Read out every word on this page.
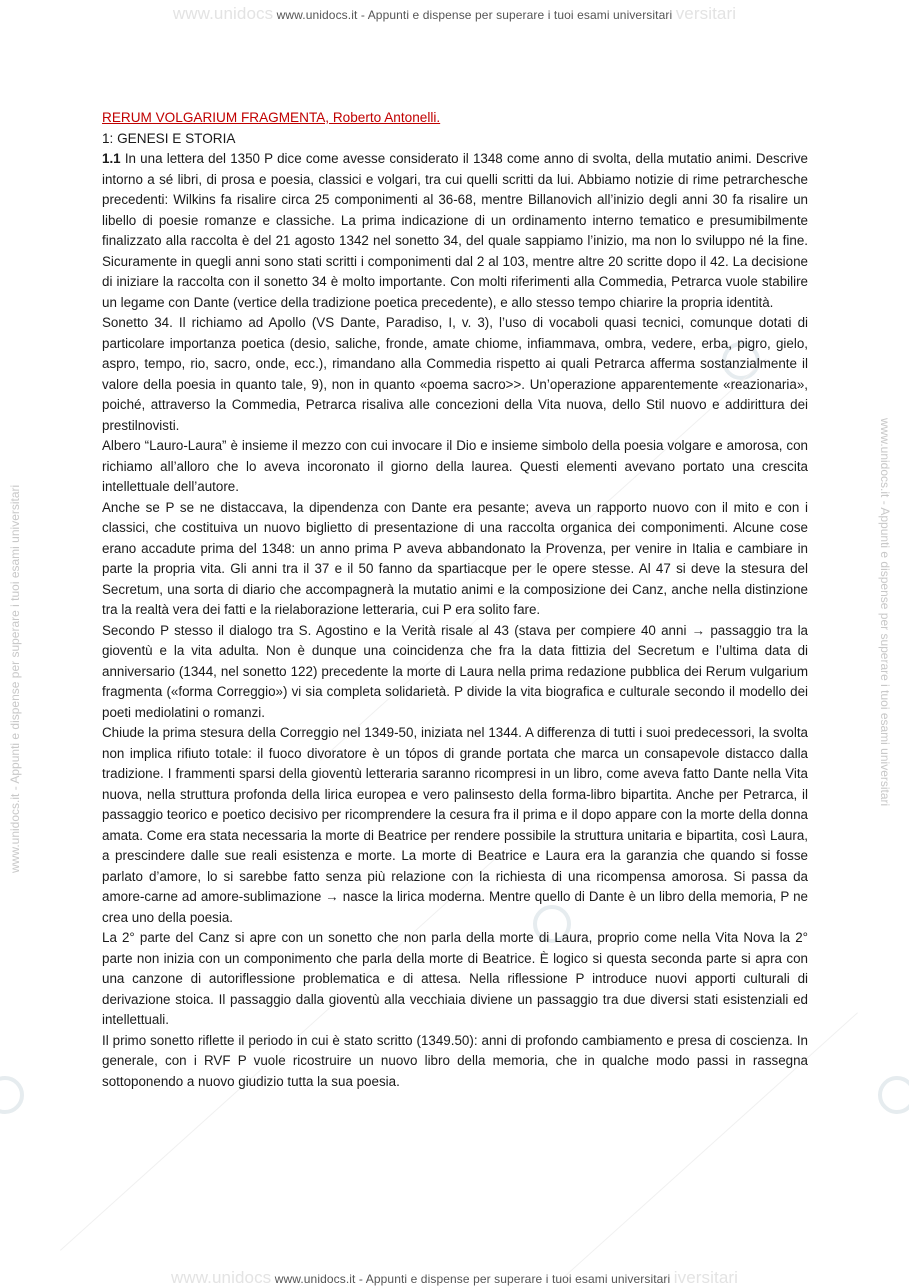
www.unidocs www.unidocs.it - Appunti e dispense per superare i tuoi esami universitari versitari
www.unidocs.it - Appunti e dispense per superare i tuoi esami universitari	www.unidocs.it - Appunti e dispense per superare i tuoi esami universitari
RERUM VOLGARIUM FRAGMENTA, Roberto Antonelli.
1: GENESI E STORIA

1.1 In una lettera del 1350 P dice come avesse considerato il 1348 come anno di svolta, della mutatio animi. Descrive intorno a sé libri, di prosa e poesia, classici e volgari, tra cui quelli scritti da lui. Abbiamo notizie di rime petrarchesche precedenti: Wilkins fa risalire circa 25 componimenti al 36-68, mentre Billanovich all’inizio degli anni 30 fa risalire un libello di poesie romanze e classiche. La prima indicazione di un ordinamento interno tematico e presumibilmente finalizzato alla raccolta è del 21 agosto 1342 nel sonetto 34, del quale sappiamo l’inizio, ma non lo sviluppo né la fine. Sicuramente in quegli anni sono stati scritti i componimenti dal 2 al 103, mentre altre 20 scritte dopo il 42. La decisione di iniziare la raccolta con il sonetto 34 è molto importante. Con molti riferimenti alla Commedia, Petrarca vuole stabilire un legame con Dante (vertice della tradizione poetica precedente), e allo stesso tempo chiarire la propria identità.

Sonetto 34. Il richiamo ad Apollo (VS Dante, Paradiso, I, v. 3), l’uso di vocaboli quasi tecnici, comunque dotati di particolare importanza poetica (desio, saliche, fronde, amate chiome, infiammava, ombra, vedere, erba, pigro, gielo, aspro, tempo, rio, sacro, onde, ecc.), rimandano alla Commedia rispetto ai quali Petrarca afferma sostanzialmente il valore della poesia in quanto tale, 9), non in quanto «poema sacro>>. Un’operazione apparentemente «reazionaria», poiché, attraverso la Commedia, Petrarca risaliva alle concezioni della Vita nuova, dello Stil nuovo e addirittura dei prestilnovisti.

Albero “Lauro-Laura” è insieme il mezzo con cui invocare il Dio e insieme simbolo della poesia volgare e amorosa, con richiamo all’alloro che lo aveva incoronato il giorno della laurea. Questi elementi avevano portato una crescita intellettuale dell’autore.

Anche se P se ne distaccava, la dipendenza con Dante era pesante; aveva un rapporto nuovo con il mito e con i classici, che costituiva un nuovo biglietto di presentazione di una raccolta organica dei componimenti. Alcune cose erano accadute prima del 1348: un anno prima P aveva abbandonato la Provenza, per venire in Italia e cambiare in parte la propria vita. Gli anni tra il 37 e il 50 fanno da spartiacque per le opere stesse. Al 47 si deve la stesura del Secretum, una sorta di diario che accompagnerà la mutatio animi e la composizione dei Canz, anche nella distinzione tra la realtà vera dei fatti e la rielaborazione letteraria, cui P era solito fare.

Secondo P stesso il dialogo tra S. Agostino e la Verità risale al 43 (stava per compiere 40 anni → passaggio tra la gioventù e la vita adulta. Non è dunque una coincidenza che fra la data fittizia del Secretum e l’ultima data di anniversario (1344, nel sonetto 122) precedente la morte di Laura nella prima redazione pubblica dei Rerum vulgarium fragmenta («forma Correggio») vi sia completa solidarietà. P divide la vita biografica e culturale secondo il modello dei poeti mediolatini o romanzi.

Chiude la prima stesura della Correggio nel 1349-50, iniziata nel 1344. A differenza di tutti i suoi predecessori, la svolta non implica rifiuto totale: il fuoco divoratore è un tópos di grande portata che marca un consapevole distacco dalla tradizione. I frammenti sparsi della gioventù letteraria saranno ricompresi in un libro, come aveva fatto Dante nella Vita nuova, nella struttura profonda della lirica europea e vero palinsesto della forma-libro bipartita. Anche per Petrarca, il passaggio teorico e poetico decisivo per ricomprendere la cesura fra il prima e il dopo appare con la morte della donna amata. Come era stata necessaria la morte di Beatrice per rendere possibile la struttura unitaria e bipartita, così Laura, a prescindere dalle sue reali esistenza e morte. La morte di Beatrice e Laura era la garanzia che quando si fosse parlato d’amore, lo si sarebbe fatto senza più relazione con la richiesta di una ricompensa amorosa. Si passa da amore-carne ad amore-sublimazione → nasce la lirica moderna. Mentre quello di Dante è un libro della memoria, P ne crea uno della poesia.

La 2° parte del Canz si apre con un sonetto che non parla della morte di Laura, proprio come nella Vita Nova la 2° parte non inizia con un componimento che parla della morte di Beatrice. È logico si questa seconda parte si apra con una canzone di autoriflessione problematica e di attesa. Nella riflessione P introduce nuovi apporti culturali di derivazione stoica. Il passaggio dalla gioventù alla vecchiaia diviene un passaggio tra due diversi stati esistenziali ed intellettuali.

Il primo sonetto riflette il periodo in cui è stato scritto (1349.50): anni di profondo cambiamento e presa di coscienza. In generale, con i RVF P vuole ricostruire un nuovo libro della memoria, che in qualche modo passi in rassegna sottoponendo a nuovo giudizio tutta la sua poesia.

www.unidocs www.unidocs.it - Appunti e dispense per superare i tuoi esami universitari iversitari
